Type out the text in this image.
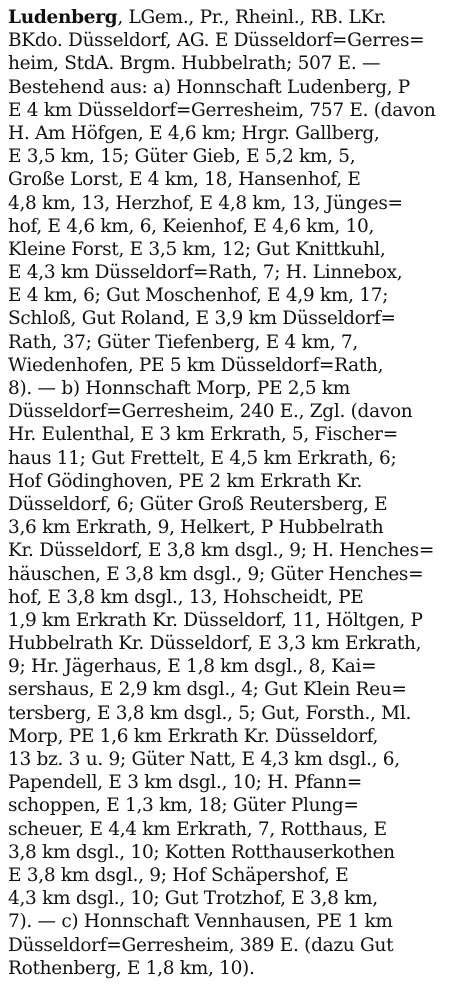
Ludenberg, LGem., Pr., Rheinl., RB. LKr.
BKdo. Düsseldorf, AG. E Düsseldorf=Gerres=
heim, StdA. Brgm. Hubbelrath; 507 E. —
Bestehend aus: a) Honnschaft Ludenberg, P
E 4 km Düsseldorf=Gerresheim, 757 E. (davon
H. Am Höfgen, E 4,6 km; Hrgr. Gallberg,
E 3,5 km, 15; Güter Gieb, E 5,2 km, 5,
Große Lorst, E 4 km, 18, Hansenhof, E
4,8 km, 13, Herzhof, E 4,8 km, 13, Jünges=
hof, E 4,6 km, 6, Keienhof, E 4,6 km, 10,
Kleine Forst, E 3,5 km, 12; Gut Knittkuhl,
E 4,3 km Düsseldorf=Rath, 7; H. Linnebox,
E 4 km, 6; Gut Moschenhof, E 4,9 km, 17;
Schloß, Gut Roland, E 3,9 km Düsseldorf=
Rath, 37; Güter Tiefenberg, E 4 km, 7,
Wiedenhofen, PE 5 km Düsseldorf=Rath,
8). — b) Honnschaft Morp, PE 2,5 km
Düsseldorf=Gerresheim, 240 E., Zgl. (davon
Hr. Eulenthal, E 3 km Erkrath, 5, Fischer=
haus 11; Gut Frettelt, E 4,5 km Erkrath, 6;
Hof Gödinghoven, PE 2 km Erkrath Kr.
Düsseldorf, 6; Güter Groß Reutersberg, E
3,6 km Erkrath, 9, Helkert, P Hubbelrath
Kr. Düsseldorf, E 3,8 km dsgl., 9; H. Henches=
häuschen, E 3,8 km dsgl., 9; Güter Henches=
hof, E 3,8 km dsgl., 13, Hohscheidt, PE
1,9 km Erkrath Kr. Düsseldorf, 11, Höltgen, P
Hubbelrath Kr. Düsseldorf, E 3,3 km Erkrath,
9; Hr. Jägerhaus, E 1,8 km dsgl., 8, Kai=
sershaus, E 2,9 km dsgl., 4; Gut Klein Reu=
tersberg, E 3,8 km dsgl., 5; Gut, Forsth., Ml.
Morp, PE 1,6 km Erkrath Kr. Düsseldorf,
13 bz. 3 u. 9; Güter Natt, E 4,3 km dsgl., 6,
Papendell, E 3 km dsgl., 10; H. Pfann=
schoppen, E 1,3 km, 18; Güter Plung=
scheuer, E 4,4 km Erkrath, 7, Rotthaus, E
3,8 km dsgl., 10; Kotten Rotthauserkothen
E 3,8 km dsgl., 9; Hof Schäpershof, E
4,3 km dsgl., 10; Gut Trotzhof, E 3,8 km,
7). — c) Honnschaft Vennhausen, PE 1 km
Düsseldorf=Gerresheim, 389 E. (dazu Gut
Rothenberg, E 1,8 km, 10).
